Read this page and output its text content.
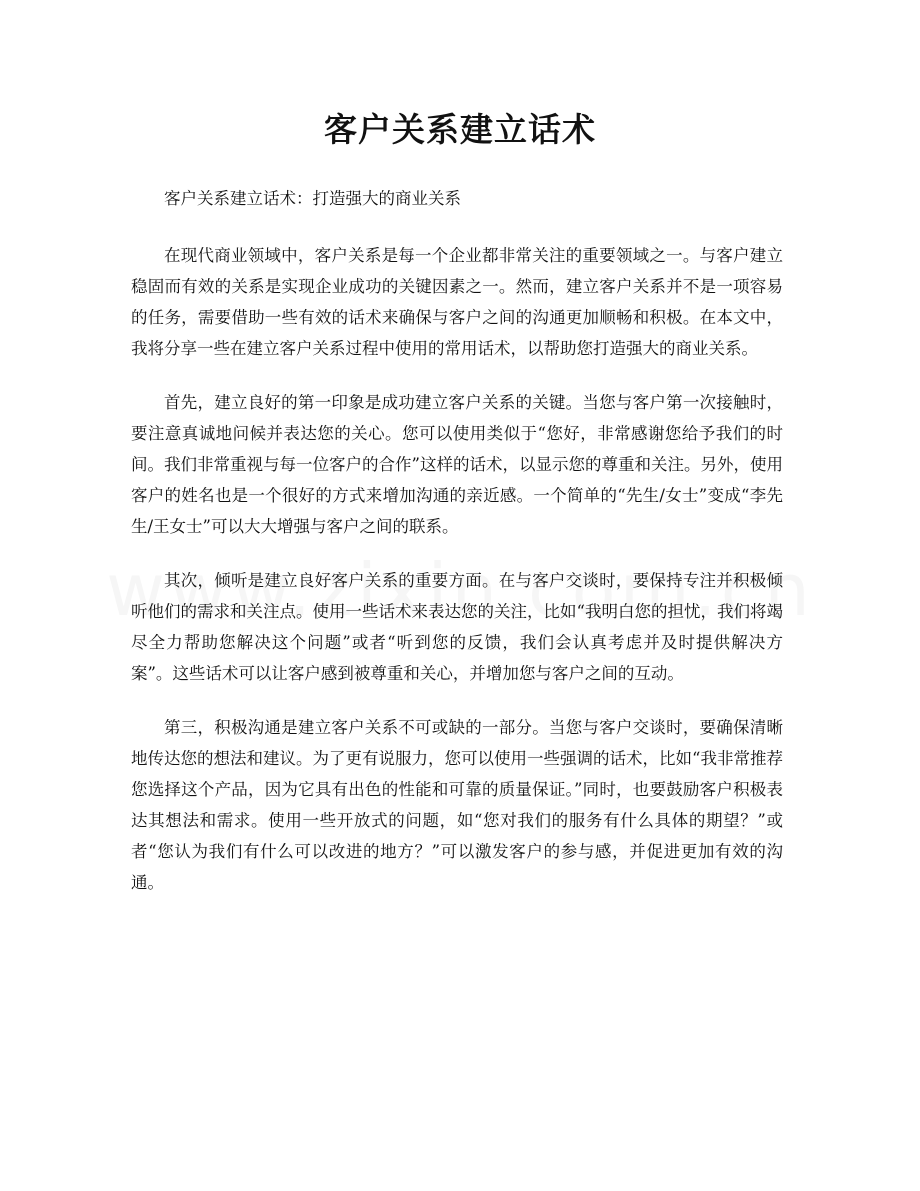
客户关系建立话术

客户关系建立话术：打造强大的商业关系

在现代商业领域中，客户关系是每一个企业都非常关注的重要领域之一。与客户建立稳固而有效的关系是实现企业成功的关键因素之一。然而，建立客户关系并不是一项容易的任务，需要借助一些有效的话术来确保与客户之间的沟通更加顺畅和积极。在本文中，我将分享一些在建立客户关系过程中使用的常用话术，以帮助您打造强大的商业关系。

首先，建立良好的第一印象是成功建立客户关系的关键。当您与客户第一次接触时，要注意真诚地问候并表达您的关心。您可以使用类似于“您好，非常感谢您给予我们的时间。我们非常重视与每一位客户的合作”这样的话术，以显示您的尊重和关注。另外，使用客户的姓名也是一个很好的方式来增加沟通的亲近感。一个简单的“先生/女士”变成“李先生/王女士”可以大大增强与客户之间的联系。

其次，倾听是建立良好客户关系的重要方面。在与客户交谈时，要保持专注并积极倾听他们的需求和关注点。使用一些话术来表达您的关注，比如“我明白您的担忧，我们将竭尽全力帮助您解决这个问题”或者“听到您的反馈，我们会认真考虑并及时提供解决方案”。这些话术可以让客户感到被尊重和关心，并增加您与客户之间的互动。

第三，积极沟通是建立客户关系不可或缺的一部分。当您与客户交谈时，要确保清晰地传达您的想法和建议。为了更有说服力，您可以使用一些强调的话术，比如“我非常推荐您选择这个产品，因为它具有出色的性能和可靠的质量保证。”同时，也要鼓励客户积极表达其想法和需求。使用一些开放式的问题，如“您对我们的服务有什么具体的期望？”或者“您认为我们有什么可以改进的地方？”可以激发客户的参与感，并促进更加有效的沟通。
